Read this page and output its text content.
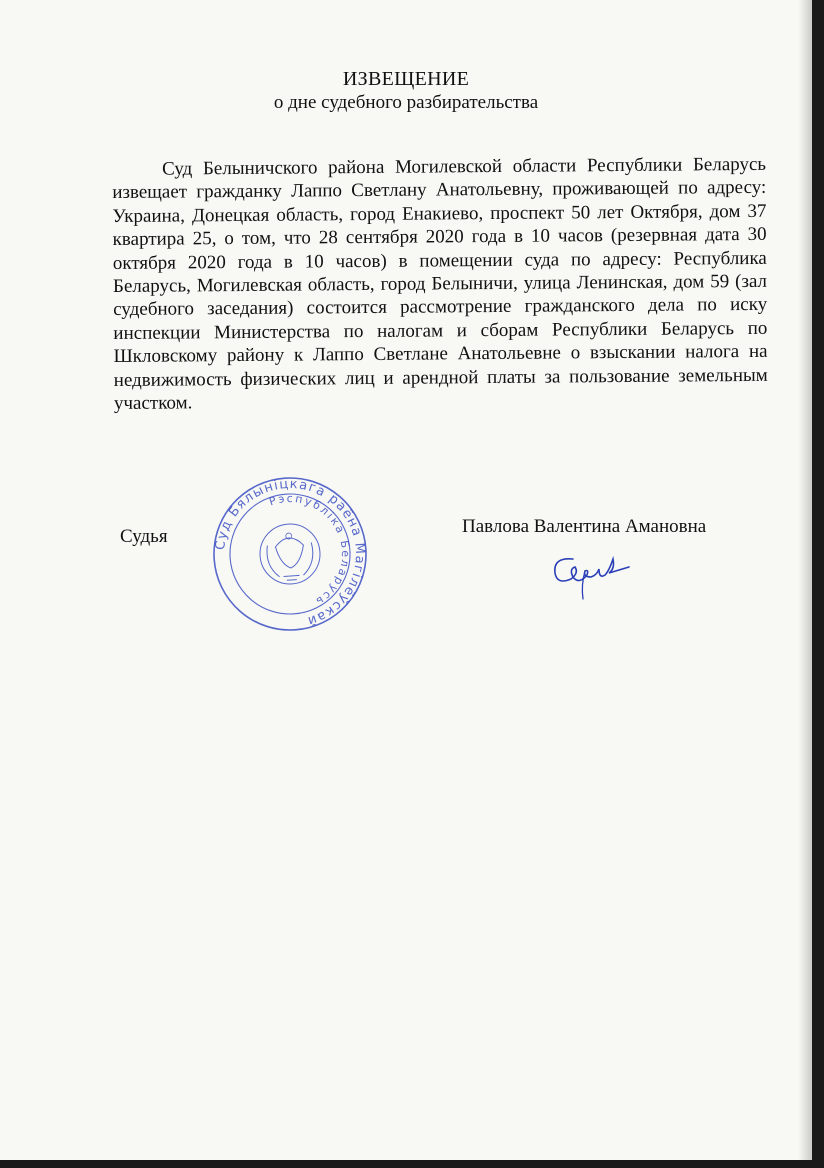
ИЗВЕЩЕНИЕ
о дне судебного разбирательства
Суд Белыничского района Могилевской области Республики Беларусь извещает гражданку Лаппо Светлану Анатольевну, проживающей по адресу: Украина, Донецкая область, город Енакиево, проспект 50 лет Октября, дом 37 квартира 25, о том, что 28 сентября 2020 года в 10 часов (резервная дата 30 октября 2020 года в 10 часов) в помещении суда по адресу: Республика Беларусь, Могилевская область, город Белыничи, улица Ленинская, дом 59 (зал судебного заседания) состоится рассмотрение гражданского дела по иску инспекции Министерства по налогам и сборам Республики Беларусь по Шкловскому району к Лаппо Светлане Анатольевне о взыскании налога на недвижимость физических лиц и арендной платы за пользование земельным участком.
Судья	Павлова Валентина Амановна
Суд Бялыніцкага раёна Магілёўскай
Рэспубліка Беларусь
